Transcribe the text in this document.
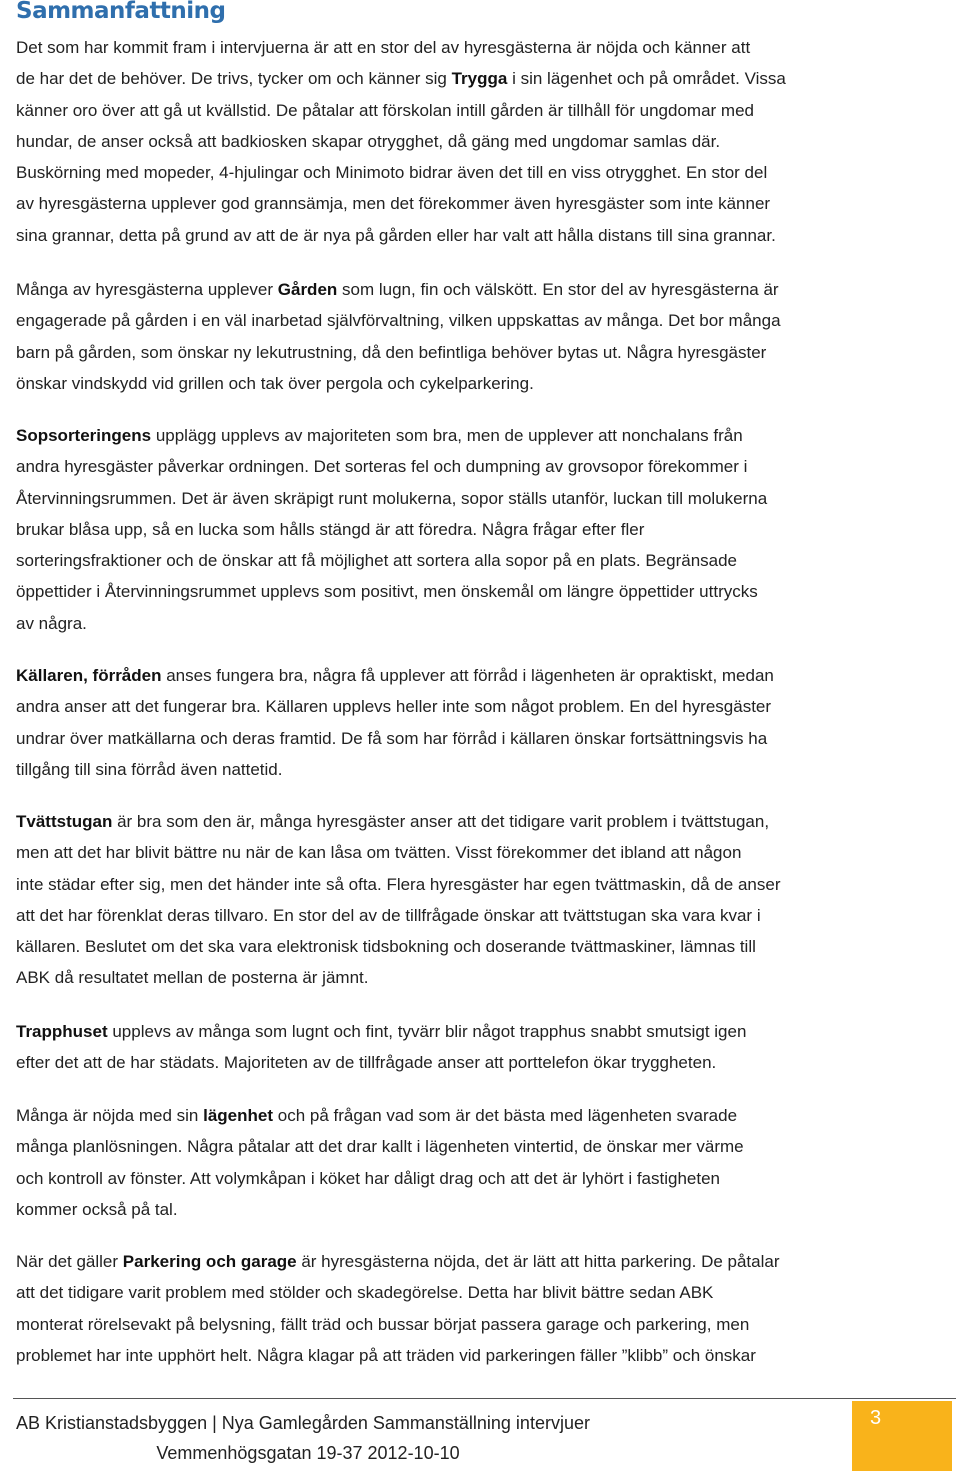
Sammanfattning
Det som har kommit fram i intervjuerna är att en stor del av hyresgästerna är nöjda och känner att
de har det de behöver. De trivs, tycker om och känner sig Trygga i sin lägenhet och på området. Vissa
känner oro över att gå ut kvällstid. De påtalar att förskolan intill gården är tillhåll för ungdomar med
hundar, de anser också att badkiosken skapar otrygghet, då gäng med ungdomar samlas där.
Buskörning med mopeder, 4-hjulingar och Minimoto bidrar även det till en viss otrygghet. En stor del
av hyresgästerna upplever god grannsämja, men det förekommer även hyresgäster som inte känner
sina grannar, detta på grund av att de är nya på gården eller har valt att hålla distans till sina grannar.
Många av hyresgästerna upplever Gården som lugn, fin och välskött. En stor del av hyresgästerna är
engagerade på gården i en väl inarbetad självförvaltning, vilken uppskattas av många. Det bor många
barn på gården, som önskar ny lekutrustning, då den befintliga behöver bytas ut. Några hyresgäster
önskar vindskydd vid grillen och tak över pergola och cykelparkering.
Sopsorteringens upplägg upplevs av majoriteten som bra, men de upplever att nonchalans från
andra hyresgäster påverkar ordningen. Det sorteras fel och dumpning av grovsopor förekommer i
Återvinningsrummen. Det är även skräpigt runt molukerna, sopor ställs utanför, luckan till molukerna
brukar blåsa upp, så en lucka som hålls stängd är att föredra. Några frågar efter fler
sorteringsfraktioner och de önskar att få möjlighet att sortera alla sopor på en plats. Begränsade
öppettider i Återvinningsrummet upplevs som positivt, men önskemål om längre öppettider uttrycks
av några.
Källaren, förråden anses fungera bra, några få upplever att förråd i lägenheten är opraktiskt, medan
andra anser att det fungerar bra. Källaren upplevs heller inte som något problem. En del hyresgäster
undrar över matkällarna och deras framtid. De få som har förråd i källaren önskar fortsättningsvis ha
tillgång till sina förråd även nattetid.
Tvättstugan är bra som den är, många hyresgäster anser att det tidigare varit problem i tvättstugan,
men att det har blivit bättre nu när de kan låsa om tvätten. Visst förekommer det ibland att någon
inte städar efter sig, men det händer inte så ofta. Flera hyresgäster har egen tvättmaskin, då de anser
att det har förenklat deras tillvaro. En stor del av de tillfrågade önskar att tvättstugan ska vara kvar i
källaren. Beslutet om det ska vara elektronisk tidsbokning och doserande tvättmaskiner, lämnas till
ABK då resultatet mellan de posterna är jämnt.
Trapphuset upplevs av många som lugnt och fint, tyvärr blir något trapphus snabbt smutsigt igen
efter det att de har städats. Majoriteten av de tillfrågade anser att porttelefon ökar tryggheten.
Många är nöjda med sin lägenhet och på frågan vad som är det bästa med lägenheten svarade
många planlösningen. Några påtalar att det drar kallt i lägenheten vintertid, de önskar mer värme
och kontroll av fönster. Att volymkåpan i köket har dåligt drag och att det är lyhört i fastigheten
kommer också på tal.
När det gäller Parkering och garage är hyresgästerna nöjda, det är lätt att hitta parkering. De påtalar
att det tidigare varit problem med stölder och skadegörelse. Detta har blivit bättre sedan ABK
monterat rörelsevakt på belysning, fällt träd och bussar börjat passera garage och parkering, men
problemet har inte upphört helt. Några klagar på att träden vid parkeringen fäller ”klibb” och önskar
AB Kristianstadsbyggen | Nya Gamlegården Sammanställning intervjuer
Vemmenhögsgatan 19-37 2012-10-10
3
